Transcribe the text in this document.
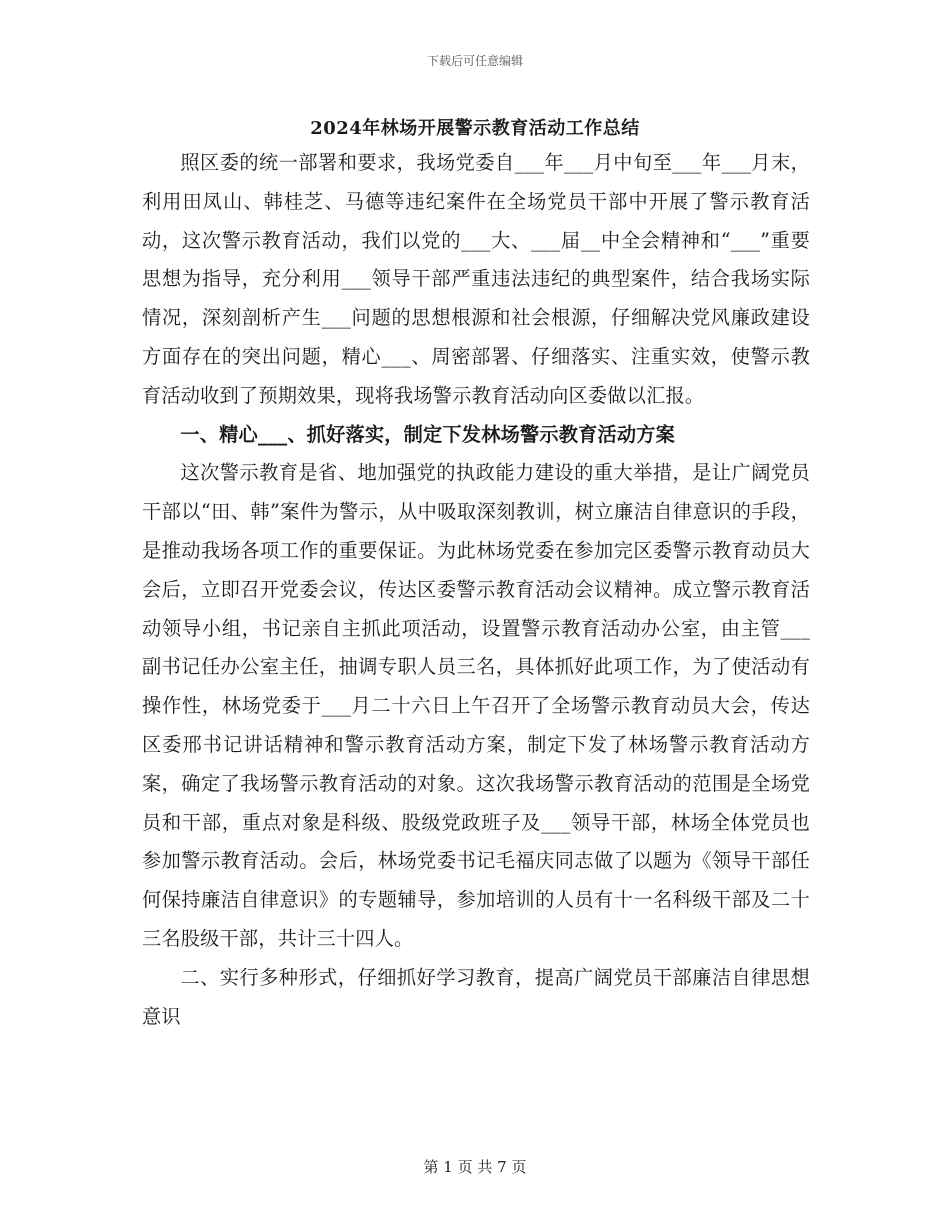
下载后可任意编辑
2024年林场开展警示教育活动工作总结

照区委的统一部署和要求，我场党委自___年___月中旬至___年___月末，利用田凤山、韩桂芝、马德等违纪案件在全场党员干部中开展了警示教育活动，这次警示教育活动，我们以党的___大、___届__中全会精神和“___”重要思想为指导，充分利用___领导干部严重违法违纪的典型案件，结合我场实际情况，深刻剖析产生___问题的思想根源和社会根源，仔细解决党风廉政建设方面存在的突出问题，精心___、周密部署、仔细落实、注重实效，使警示教育活动收到了预期效果，现将我场警示教育活动向区委做以汇报。

一、精心___、抓好落实，制定下发林场警示教育活动方案

这次警示教育是省、地加强党的执政能力建设的重大举措，是让广阔党员干部以“田、韩”案件为警示，从中吸取深刻教训，树立廉洁自律意识的手段，是推动我场各项工作的重要保证。为此林场党委在参加完区委警示教育动员大会后，立即召开党委会议，传达区委警示教育活动会议精神。成立警示教育活动领导小组，书记亲自主抓此项活动，设置警示教育活动办公室，由主管___副书记任办公室主任，抽调专职人员三名，具体抓好此项工作，为了使活动有操作性，林场党委于___月二十六日上午召开了全场警示教育动员大会，传达区委邢书记讲话精神和警示教育活动方案，制定下发了林场警示教育活动方案，确定了我场警示教育活动的对象。这次我场警示教育活动的范围是全场党员和干部，重点对象是科级、股级党政班子及___领导干部，林场全体党员也参加警示教育活动。会后，林场党委书记毛福庆同志做了以题为《领导干部任何保持廉洁自律意识》的专题辅导，参加培训的人员有十一名科级干部及二十三名股级干部，共计三十四人。

二、实行多种形式，仔细抓好学习教育，提高广阔党员干部廉洁自律思想意识

第 1 页 共 7 页
